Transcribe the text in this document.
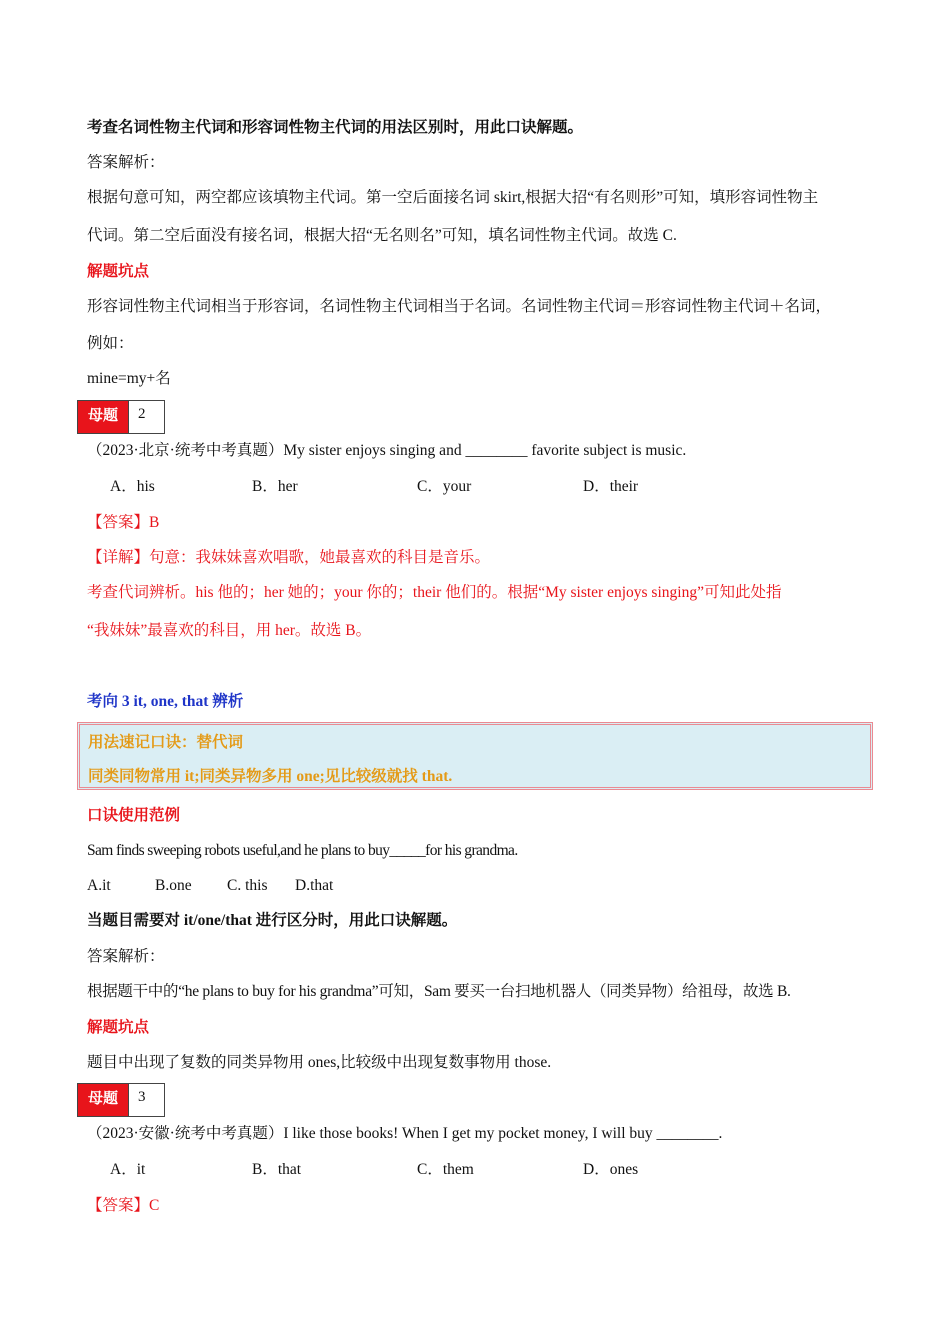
考查名词性物主代词和形容词性物主代词的用法区别时，用此口诀解题。
答案解析：
根据句意可知，两空都应该填物主代词。第一空后面接名词 skirt,根据大招“有名则形”可知，填形容词性物主
代词。第二空后面没有接名词，根据大招“无名则名”可知，填名词性物主代词。故选 C.
解题坑点
形容词性物主代词相当于形容词，名词性物主代词相当于名词。名词性物主代词＝形容词性物主代词＋名词，
例如：
mine=my+名
母题	2
（2023·北京·统考中考真题）My sister enjoys singing and ________ favorite subject is music.
A．his	B．her	C．your	D．their
【答案】B
【详解】句意：我妹妹喜欢唱歌，她最喜欢的科目是音乐。
考查代词辨析。his 他的；her 她的；your 你的；their 他们的。根据“My sister enjoys singing”可知此处指
“我妹妹”最喜欢的科目，用 her。故选 B。
考向 3 it, one, that 辨析
用法速记口诀：替代词
同类同物常用 it;同类异物多用 one;见比较级就找 that.
口诀使用范例
Sam finds sweeping robots useful,and he plans to buy_____for his grandma.
A.it	B.one C. this D.that
当题目需要对 it/one/that 进行区分时，用此口诀解题。
答案解析：
根据题干中的“he plans to buy for his grandma”可知，Sam 要买一台扫地机器人（同类异物）给祖母，故选 B.
解题坑点
题目中出现了复数的同类异物用 ones,比较级中出现复数事物用 those.
母题	3
（2023·安徽·统考中考真题）I like those books! When I get my pocket money, I will buy ________.
A．it	B．that	C．them	D．ones
【答案】C
